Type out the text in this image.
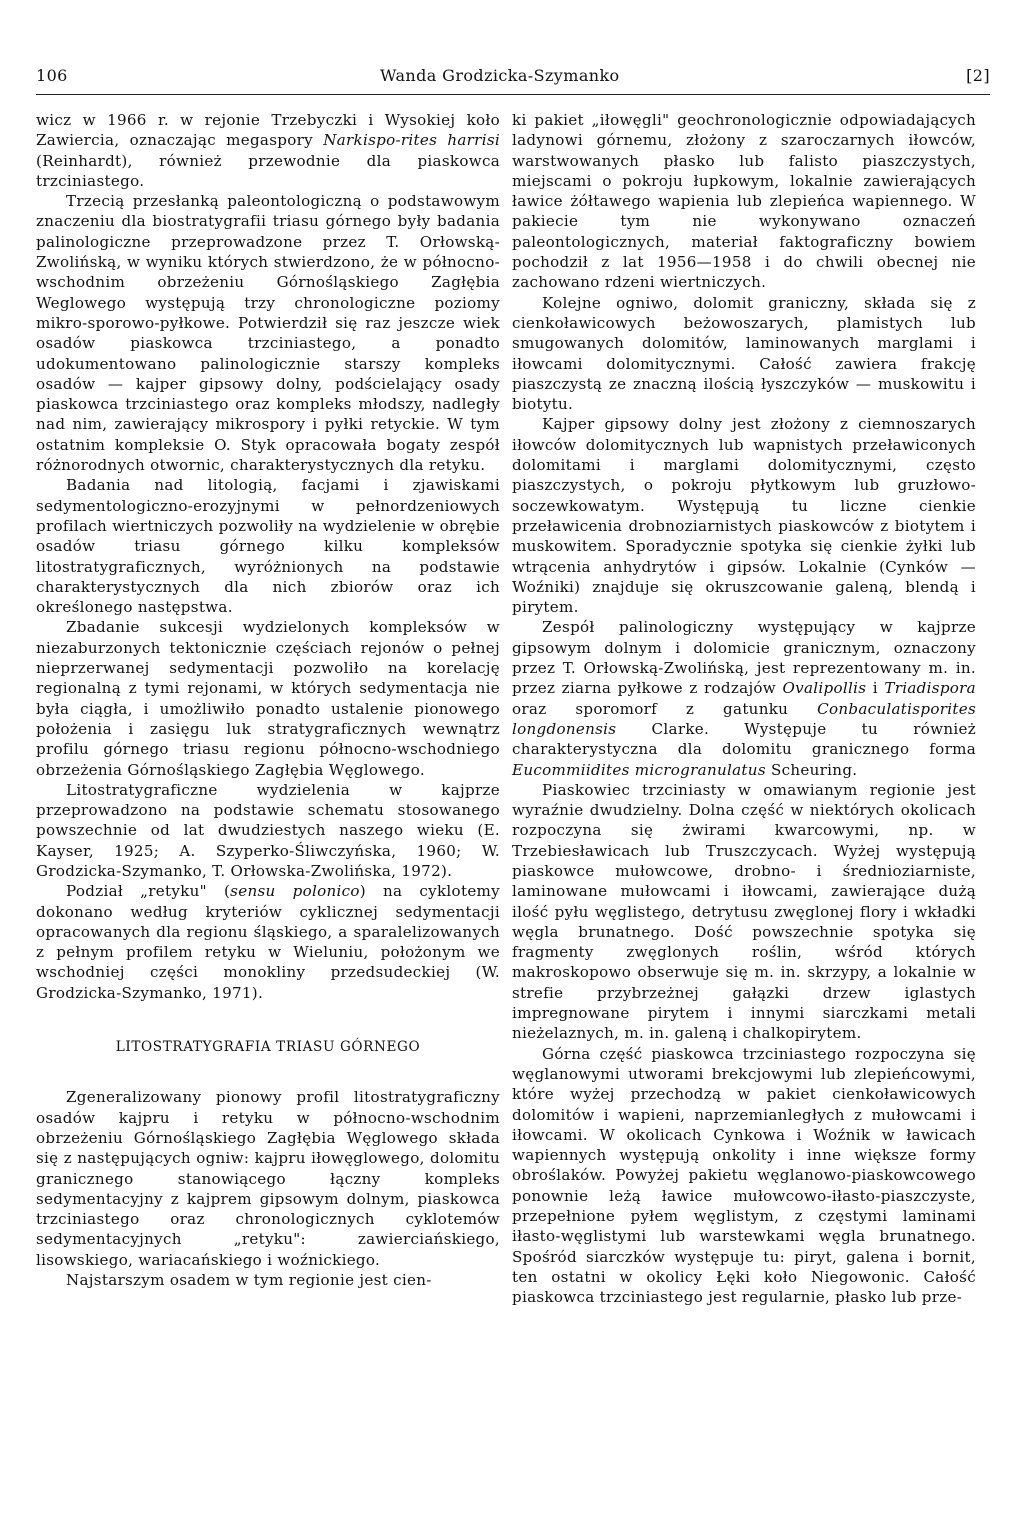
106	Wanda Grodzicka-Szymanko	[2]

wicz w 1966 r. w rejonie Trzebyczki i Wysokiej koło Zawiercia, oznaczając megaspory Narkispo-rites harrisi (Reinhardt), również przewodnie dla piaskowca trzciniastego.

Trzecią przesłanką paleontologiczną o podstawowym znaczeniu dla biostratygrafii triasu górnego były badania palinologiczne przeprowadzone przez T. Orłowską-Zwolińską, w wyniku których stwierdzono, że w północno-wschodnim obrzeżeniu Górnośląskiego Zagłębia Weglowego występują trzy chronologiczne poziomy mikro-sporowo-pyłkowe. Potwierdził się raz jeszcze wiek osadów piaskowca trzciniastego, a ponadto udokumentowano palinologicznie starszy kompleks osadów — kajper gipsowy dolny, podścielający osady piaskowca trzciniastego oraz kompleks młodszy, nadległy nad nim, zawierający mikrospory i pyłki retyckie. W tym ostatnim kompleksie O. Styk opracowała bogaty zespół różnorodnych otwornic, charakterystycznych dla retyku.

Badania nad litologią, facjami i zjawiskami sedymentologiczno-erozyjnymi w pełnordzeniowych profilach wiertniczych pozwoliły na wydzielenie w obrębie osadów triasu górnego kilku kompleksów litostratygraficznych, wyróżnionych na podstawie charakterystycznych dla nich zbiorów oraz ich określonego następstwa.

Zbadanie sukcesji wydzielonych kompleksów w niezaburzonych tektonicznie częściach rejonów o pełnej nieprzerwanej sedymentacji pozwoliło na korelację regionalną z tymi rejonami, w których sedymentacja nie była ciągła, i umożliwiło ponadto ustalenie pionowego położenia i zasięgu luk stratygraficznych wewnątrz profilu górnego triasu regionu północno-wschodniego obrzeżenia Górnośląskiego Zagłębia Węglowego.

Litostratygraficzne wydzielenia w kajprze przeprowadzono na podstawie schematu stosowanego powszechnie od lat dwudziestych naszego wieku (E. Kayser, 1925; A. Szyperko-Śliwczyńska, 1960; W. Grodzicka-Szymanko, T. Orłowska-Zwolińska, 1972).

Podział „retyku" (sensu polonico) na cyklotemy dokonano według kryteriów cyklicznej sedymentacji opracowanych dla regionu śląskiego, a sparalelizowanych z pełnym profilem retyku w Wieluniu, położonym we wschodniej części monokliny przedsudeckiej (W. Grodzicka-Szymanko, 1971).

LITOSTRATYGRAFIA TRIASU GÓRNEGO

Zgeneralizowany pionowy profil litostratygraficzny osadów kajpru i retyku w północno-wschodnim obrzeżeniu Górnośląskiego Zagłębia Węglowego składa się z następujących ogniw: kajpru iłowęglowego, dolomitu granicznego stanowiącego łączny kompleks sedymentacyjny z kajprem gipsowym dolnym, piaskowca trzciniastego oraz chronologicznych cyklotemów sedymentacyjnych „retyku": zawierciańskiego, lisowskiego, wariacańskiego i woźnickiego.

Najstarszym osadem w tym regionie jest cien-

ki pakiet „iłowęgli" geochronologicznie odpowiadających ladynowi górnemu, złożony z szaroczarnych iłowców, warstwowanych płasko lub falisto piaszczystych, miejscami o pokroju łupkowym, lokalnie zawierających ławice żółtawego wapienia lub zlepieńca wapiennego. W pakiecie tym nie wykonywano oznaczeń paleontologicznych, materiał faktograficzny bowiem pochodził z lat 1956—1958 i do chwili obecnej nie zachowano rdzeni wiertniczych.

Kolejne ogniwo, dolomit graniczny, składa się z cienkoławicowych beżowoszarych, plamistych lub smugowanych dolomitów, laminowanych marglami i iłowcami dolomitycznymi. Całość zawiera frakcję piaszczystą ze znaczną ilością łyszczyków — muskowitu i biotytu.

Kajper gipsowy dolny jest złożony z ciemnoszarych iłowców dolomitycznych lub wapnistych przeławiconych dolomitami i marglami dolomitycznymi, często piaszczystych, o pokroju płytkowym lub gruzłowo-soczewkowatym. Występują tu liczne cienkie przeławicenia drobnoziarnistych piaskowców z biotytem i muskowitem. Sporadycznie spotyka się cienkie żyłki lub wtrącenia anhydrytów i gipsów. Lokalnie (Cynków — Woźniki) znajduje się okruszcowanie galeną, blendą i pirytem.

Zespół palinologiczny występujący w kajprze gipsowym dolnym i dolomicie granicznym, oznaczony przez T. Orłowską-Zwolińską, jest reprezentowany m. in. przez ziarna pyłkowe z rodzajów Ovalipollis i Triadispora oraz sporomorf z gatunku Conbaculatisporites longdonensis Clarke. Występuje tu również charakterystyczna dla dolomitu granicznego forma Eucommiidites microgranulatus Scheuring.

Piaskowiec trzciniasty w omawianym regionie jest wyraźnie dwudzielny. Dolna część w niektórych okolicach rozpoczyna się żwirami kwarcowymi, np. w Trzebiesławicach lub Truszczycach. Wyżej występują piaskowce mułowcowe, drobno- i średnioziarniste, laminowane mułowcami i iłowcami, zawierające dużą ilość pyłu węglistego, detrytusu zwęglonej flory i wkładki węgla brunatnego. Dość powszechnie spotyka się fragmenty zwęglonych roślin, wśród których makroskopowo obserwuje się m. in. skrzypy, a lokalnie w strefie przybrzeżnej gałązki drzew iglastych impregnowane pirytem i innymi siarczkami metali nieżelaznych, m. in. galeną i chalkopirytem.

Górna część piaskowca trzciniastego rozpoczyna się węglanowymi utworami brekcjowymi lub zlepieńcowymi, które wyżej przechodzą w pakiet cienkoławicowych dolomitów i wapieni, naprzemianległych z mułowcami i iłowcami. W okolicach Cynkowa i Woźnik w ławicach wapiennych występują onkolity i inne większe formy obroślaków. Powyżej pakietu węglanowo-piaskowcowego ponownie leżą ławice mułowcowo-iłasto-piaszczyste, przepełnione pyłem węglistym, z częstymi laminami iłasto-węglistymi lub warstewkami węgla brunatnego. Spośród siarczków występuje tu: piryt, galena i bornit, ten ostatni w okolicy Łęki koło Niegowonic. Całość piaskowca trzciniastego jest regularnie, płasko lub prze-
